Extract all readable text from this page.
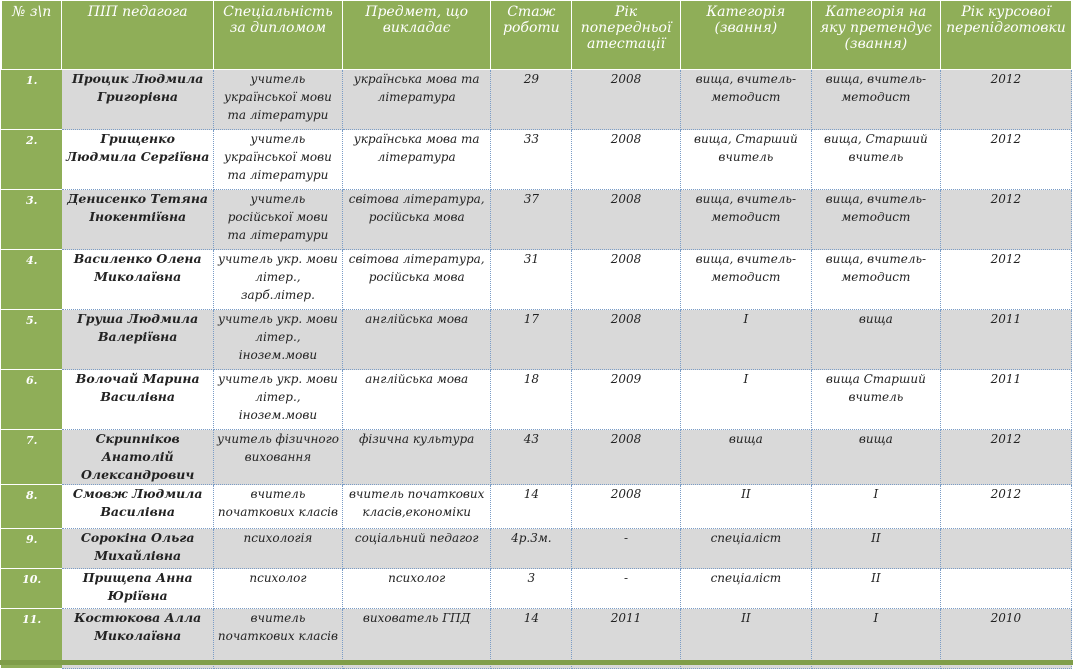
№ з\п	ПІП педагога	Спеціальність за дипломом	Предмет, що викладає	Стаж роботи	Рік попередньої атестації	Категорія (звання)	Категорія на яку претендує (звання)	Рік курсової перепідготовки
1.	Процик Людмила Григорівна	учитель української мови та літератури	українська мова та література	29	2008	вища, вчитель-методист	вища, вчитель-методист	2012
2.	Грищенко Людмила Сергіївна	учитель української мови та літератури	українська мова та література	33	2008	вища, Старший вчитель	вища, Старший вчитель	2012
3.	Денисенко Тетяна Інокентіївна	учитель російської мови та літератури	світова література, російська мова	37	2008	вища, вчитель-методист	вища, вчитель-методист	2012
4.	Василенко Олена Миколаївна	учитель укр. мови літер., зарб.літер.	світова література, російська мова	31	2008	вища, вчитель-методист	вища, вчитель-методист	2012
5.	Груша Людмила Валеріївна	учитель укр. мови літер., інозем.мови	англійська мова	17	2008	I	вища	2011
6.	Волочай Марина Василівна	учитель укр. мови літер., інозем.мови	англійська мова	18	2009	I	вища Старший вчитель	2011
7.	Скрипніков Анатолій Олександрович	учитель фізичного виховання	фізична культура	43	2008	вища	вища	2012
8.	Смовж Людмила Василівна	вчитель початкових класів	вчитель початкових класів,економіки	14	2008	II	I	2012
9.	Сорокіна Ольга Михайлівна	психологія	соціальний педагог	4р.3м.	-	спеціаліст	II	
10.	Прищепа Анна Юріївна	психолог	психолог	3	-	спеціаліст	II	
11.	Костюкова Алла Миколаївна	вчитель початкових класів	вихователь ГПД	14	2011	II	I	2010
